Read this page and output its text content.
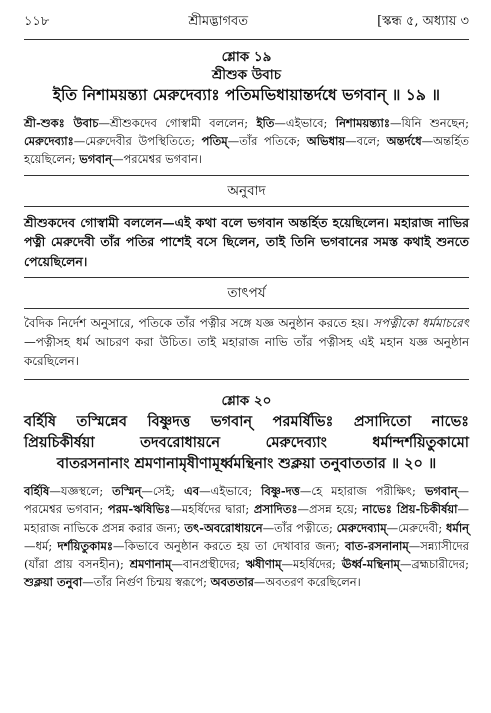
১১৮	শ্রীমদ্ভাগবত	[স্কন্ধ ৫, অধ্যায় ৩
শ্লোক ১৯
শ্রীশুক উবাচ
ইতি নিশাময়ন্ত্যা মেরুদেব্যাঃ পতিমভিধায়ান্তর্দধে ভগবান্ ॥ ১৯ ॥

শ্রী-শুকঃ উবাচ—শ্রীশুকদেব গোস্বামী বললেন; ইতি—এইভাবে; নিশাময়ন্ত্যাঃ—যিনি শুনছেন; মেরুদেব্যাঃ—মেরুদেবীর উপস্থিতিতে; পতিম্—তাঁর পতিকে; অভিধায়—বলে; অন্তর্দধে—অন্তর্হিত হয়েছিলেন; ভগবান্—পরমেশ্বর ভগবান।

অনুবাদ

শ্রীশুকদেব গোস্বামী বললেন—এই কথা বলে ভগবান অন্তর্হিত হয়েছিলেন। মহারাজ নাভির পত্নী মেরুদেবী তাঁর পতির পাশেই বসে ছিলেন, তাই তিনি ভগবানের সমস্ত কথাই শুনতে পেয়েছিলেন।

তাৎপর্য

বৈদিক নির্দেশ অনুসারে, পতিকে তাঁর পত্নীর সঙ্গে যজ্ঞ অনুষ্ঠান করতে হয়। সপত্নীকো ধর্মমাচরেৎ—পত্নীসহ ধর্ম আচরণ করা উচিত। তাই মহারাজ নাভি তাঁর পত্নীসহ এই মহান যজ্ঞ অনুষ্ঠান করেছিলেন।

শ্লোক ২০
বর্হিষি তস্মিন্নেব বিষ্ণুদত্ত ভগবান্ পরমর্ষিভিঃ প্রসাদিতো নাভেঃ
প্রিয়চিকীর্ষয়া তদবরোধায়নে মেরুদেব্যাং ধর্মান্দর্শয়িতুকামো
বাতরসনানাং শ্রমণানামৃষীণামূর্ধ্বমন্থিনাং শুক্লয়া তনুবাততার ॥ ২০ ॥

বর্হিষি—যজ্ঞস্থলে; তস্মিন্—সেই; এব—এইভাবে; বিষ্ণু-দত্ত—হে মহারাজ পরীক্ষিৎ; ভগবান্—পরমেশ্বর ভগবান; পরম-ঋষিভিঃ—মহর্ষিদের দ্বারা; প্রসাদিতঃ—প্রসন্ন হয়ে; নাভেঃ প্রিয়-চিকীর্ষয়া—মহারাজ নাভিকে প্রসন্ন করার জন্য; তৎ-অবরোধায়নে—তাঁর পত্নীতে; মেরুদেব্যাম্—মেরুদেবী; ধর্মান্—ধর্ম; দর্শয়িতুকামঃ—কিভাবে অনুষ্ঠান করতে হয় তা দেখাবার জন্য; বাত-রসনানাম্—সন্ন্যাসীদের (যাঁরা প্রায় বসনহীন); শ্রমণানাম্—বানপ্রস্থীদের; ঋষীণাম্—মহর্ষিদের; ঊর্ধ্ব-মন্থিনাম্—ব্রহ্মচারীদের; শুক্লয়া তনুবা—তাঁর নির্গুণ চিন্ময় স্বরূপে; অবততার—অবতরণ করেছিলেন।
